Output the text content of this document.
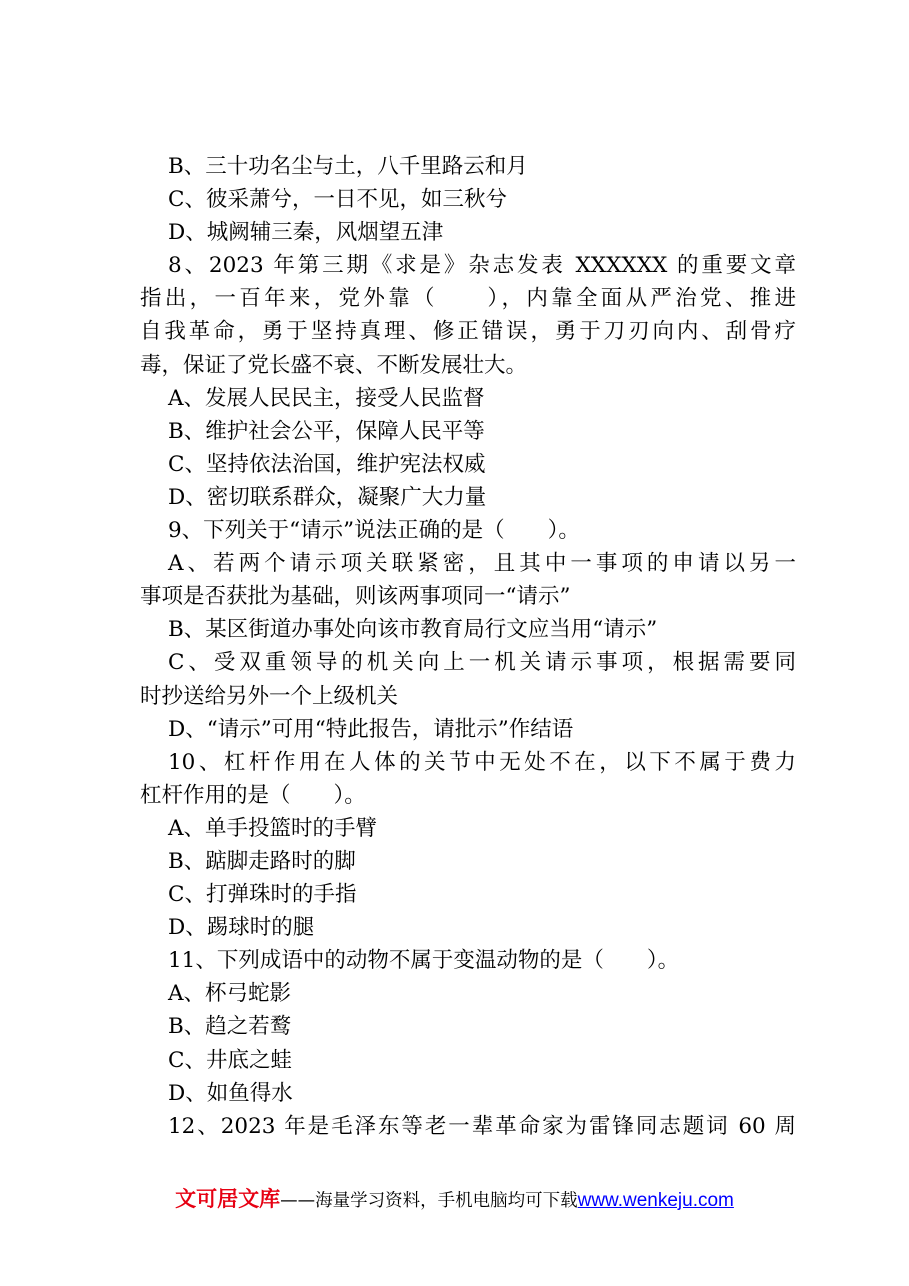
B、三十功名尘与土，八千里路云和月
C、彼采萧兮，一日不见，如三秋兮
D、城阙辅三秦，风烟望五津
8、2023 年第三期《求是》杂志发表 XXXXXX 的重要文章
指出，一百年来，党外靠（　　），内靠全面从严治党、推进
自我革命，勇于坚持真理、修正错误，勇于刀刃向内、刮骨疗
毒，保证了党长盛不衰、不断发展壮大。
A、发展人民民主，接受人民监督
B、维护社会公平，保障人民平等
C、坚持依法治国，维护宪法权威
D、密切联系群众，凝聚广大力量
9、下列关于“请示”说法正确的是（　　）。
A、若两个请示项关联紧密，且其中一事项的申请以另一
事项是否获批为基础，则该两事项同一“请示”
B、某区街道办事处向该市教育局行文应当用“请示”
C、受双重领导的机关向上一机关请示事项，根据需要同
时抄送给另外一个上级机关
D、“请示”可用“特此报告，请批示”作结语
10、杠杆作用在人体的关节中无处不在，以下不属于费力
杠杆作用的是（　　）。
A、单手投篮时的手臂
B、踮脚走路时的脚
C、打弹珠时的手指
D、踢球时的腿
11、下列成语中的动物不属于变温动物的是（　　）。
A、杯弓蛇影
B、趋之若鹜
C、井底之蛙
D、如鱼得水
12、2023 年是毛泽东等老一辈革命家为雷锋同志题词 60 周
文可居文库——海量学习资料，手机电脑均可下载www.wenkeju.com
